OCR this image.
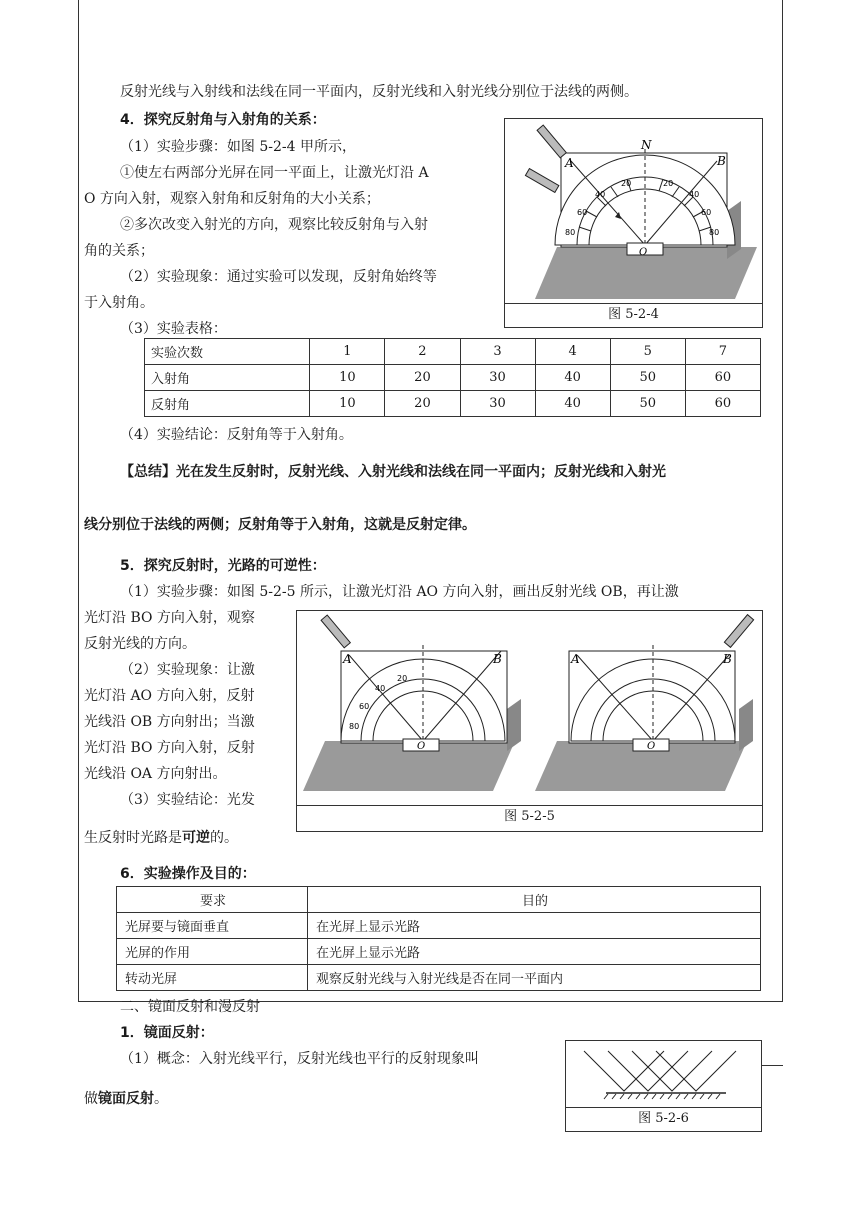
反射光线与入射线和法线在同一平面内，反射光线和入射光线分别位于法线的两侧。
4．探究反射角与入射角的关系：
（1）实验步骤：如图 5-2-4 甲所示，
①使左右两部分光屏在同一平面上，让激光灯沿 A
O 方向入射，观察入射角和反射角的大小关系；
②多次改变入射光的方向，观察比较反射角与入射
角的关系；
（2）实验现象：通过实验可以发现，反射角始终等
于入射角。
（3）实验表格：
A	B
N
O
20
40
60
80
20
40
60
80
图 5-2-4
实验次数	1	2	3	4	5	7
入射角	10	20	30	40	50	60
反射角	10	20	30	40	50	60
（4）实验结论：反射角等于入射角。
【总结】光在发生反射时，反射光线、入射光线和法线在同一平面内；反射光线和入射光
线分别位于法线的两侧；反射角等于入射角，这就是反射定律。
5．探究反射时，光路的可逆性：
（1）实验步骤：如图 5-2-5 所示，让激光灯沿 AO 方向入射，画出反射光线 OB，再让激
光灯沿 BO 方向入射，观察
反射光线的方向。
（2）实验现象：让激
光灯沿 AO 方向入射，反射
光线沿 OB 方向射出；当激
光灯沿 BO 方向入射，反射
光线沿 OA 方向射出。
（3）实验结论：光发
生反射时光路是可逆的。
A	B
O
20
40
60
80
A	B
O
图 5-2-5
6．实验操作及目的：
要求	目的
光屏要与镜面垂直	在光屏上显示光路
光屏的作用	在光屏上显示光路
转动光屏	观察反射光线与入射光线是否在同一平面内
二、镜面反射和漫反射
1．镜面反射：
（1）概念：入射光线平行，反射光线也平行的反射现象叫
做镜面反射。
图 5-2-6
